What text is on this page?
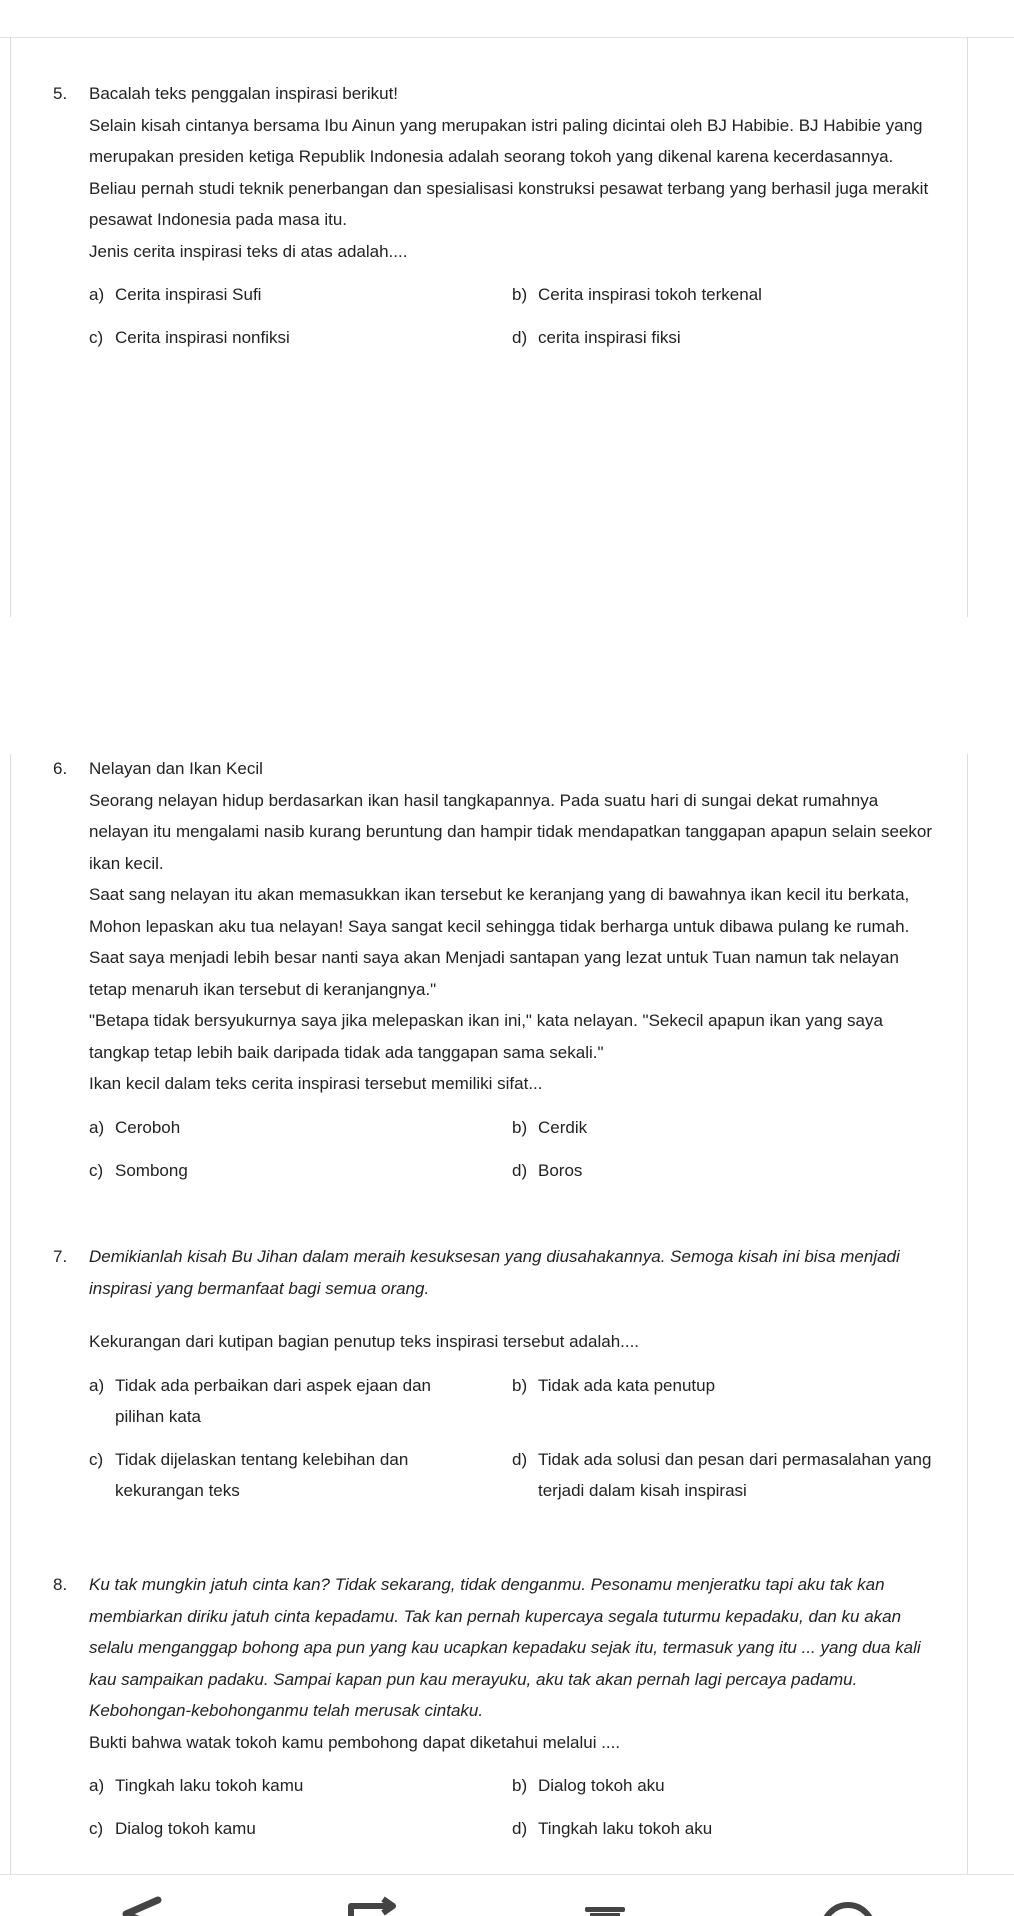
5. Bacalah teks penggalan inspirasi berikut!

Selain kisah cintanya bersama Ibu Ainun yang merupakan istri paling dicintai oleh BJ Habibie. BJ Habibie yang merupakan presiden ketiga Republik Indonesia adalah seorang tokoh yang dikenal karena kecerdasannya. Beliau pernah studi teknik penerbangan dan spesialisasi konstruksi pesawat terbang yang berhasil juga merakit pesawat Indonesia pada masa itu.

Jenis cerita inspirasi teks di atas adalah....

a) Cerita inspirasi Sufi	b) Cerita inspirasi tokoh terkenal
c) Cerita inspirasi nonfiksi	d) cerita inspirasi fiksi
6. Nelayan dan Ikan Kecil

Seorang nelayan hidup berdasarkan ikan hasil tangkapannya. Pada suatu hari di sungai dekat rumahnya nelayan itu mengalami nasib kurang beruntung dan hampir tidak mendapatkan tanggapan apapun selain seekor ikan kecil.

Saat sang nelayan itu akan memasukkan ikan tersebut ke keranjang yang di bawahnya ikan kecil itu berkata, Mohon lepaskan aku tua nelayan! Saya sangat kecil sehingga tidak berharga untuk dibawa pulang ke rumah. Saat saya menjadi lebih besar nanti saya akan Menjadi santapan yang lezat untuk Tuan namun tak nelayan tetap menaruh ikan tersebut di keranjangnya."

"Betapa tidak bersyukurnya saya jika melepaskan ikan ini," kata nelayan. "Sekecil apapun ikan yang saya tangkap tetap lebih baik daripada tidak ada tanggapan sama sekali."

Ikan kecil dalam teks cerita inspirasi tersebut memiliki sifat...

a) Ceroboh	b) Cerdik
c) Sombong	d) Boros
7. Demikianlah kisah Bu Jihan dalam meraih kesuksesan yang diusahakannya. Semoga kisah ini bisa menjadi inspirasi yang bermanfaat bagi semua orang.

Kekurangan dari kutipan bagian penutup teks inspirasi tersebut adalah....

a) Tidak ada perbaikan dari aspek ejaan dan pilihan kata
b) Tidak ada kata penutup
c) Tidak dijelaskan tentang kelebihan dan kekurangan teks
d) Tidak ada solusi dan pesan dari permasalahan yang terjadi dalam kisah inspirasi
8. Ku tak mungkin jatuh cinta kan? Tidak sekarang, tidak denganmu. Pesonamu menjeratku tapi aku tak kan membiarkan diriku jatuh cinta kepadamu. Tak kan pernah kupercaya segala tuturmu kepadaku, dan ku akan selalu menganggap bohong apa pun yang kau ucapkan kepadaku sejak itu, termasuk yang itu ... yang dua kali kau sampaikan padaku. Sampai kapan pun kau merayuku, aku tak akan pernah lagi percaya padamu. Kebohongan-kebohonganmu telah merusak cintaku.

Bukti bahwa watak tokoh kamu pembohong dapat diketahui melalui ....

a) Tingkah laku tokoh kamu	b) Dialog tokoh aku
c) Dialog tokoh kamu	d) Tingkah laku tokoh aku
